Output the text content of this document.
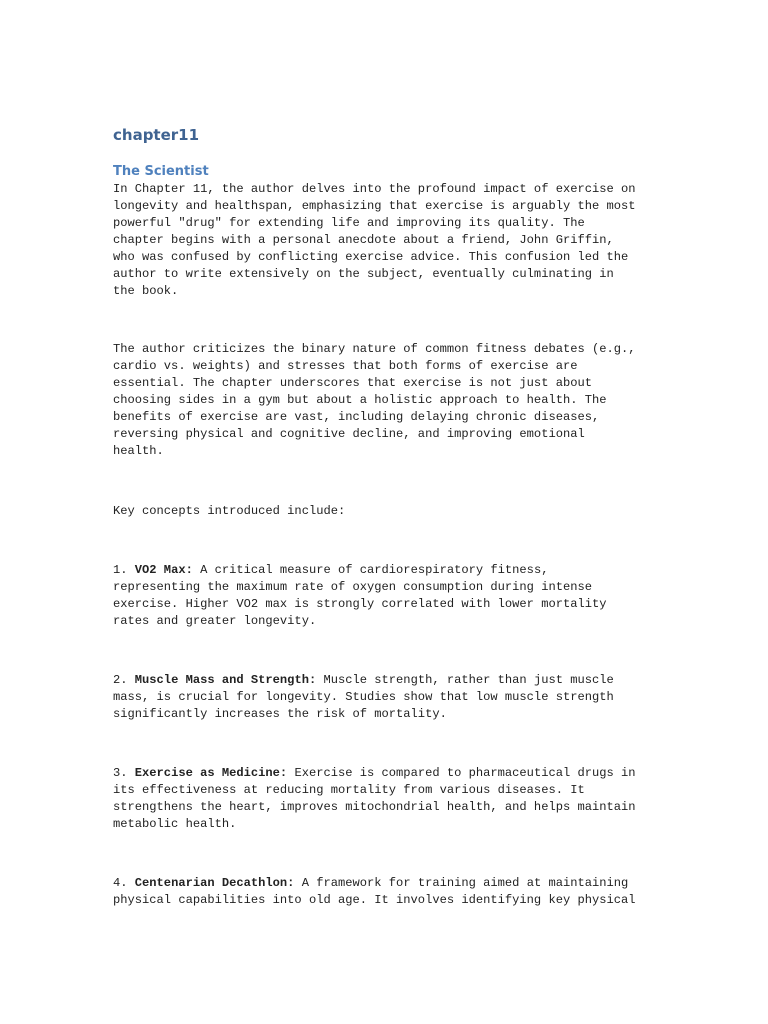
chapter11
The Scientist

In Chapter 11, the author delves into the profound impact of exercise on
longevity and healthspan, emphasizing that exercise is arguably the most
powerful "drug" for extending life and improving its quality. The
chapter begins with a personal anecdote about a friend, John Griffin,
who was confused by conflicting exercise advice. This confusion led the
author to write extensively on the subject, eventually culminating in
the book.

The author criticizes the binary nature of common fitness debates (e.g.,
cardio vs. weights) and stresses that both forms of exercise are
essential. The chapter underscores that exercise is not just about
choosing sides in a gym but about a holistic approach to health. The
benefits of exercise are vast, including delaying chronic diseases,
reversing physical and cognitive decline, and improving emotional
health.

Key concepts introduced include:

1. VO2 Max: A critical measure of cardiorespiratory fitness,
representing the maximum rate of oxygen consumption during intense
exercise. Higher VO2 max is strongly correlated with lower mortality
rates and greater longevity.

2. Muscle Mass and Strength: Muscle strength, rather than just muscle
mass, is crucial for longevity. Studies show that low muscle strength
significantly increases the risk of mortality.

3. Exercise as Medicine: Exercise is compared to pharmaceutical drugs in
its effectiveness at reducing mortality from various diseases. It
strengthens the heart, improves mitochondrial health, and helps maintain
metabolic health.

4. Centenarian Decathlon: A framework for training aimed at maintaining
physical capabilities into old age. It involves identifying key physical
